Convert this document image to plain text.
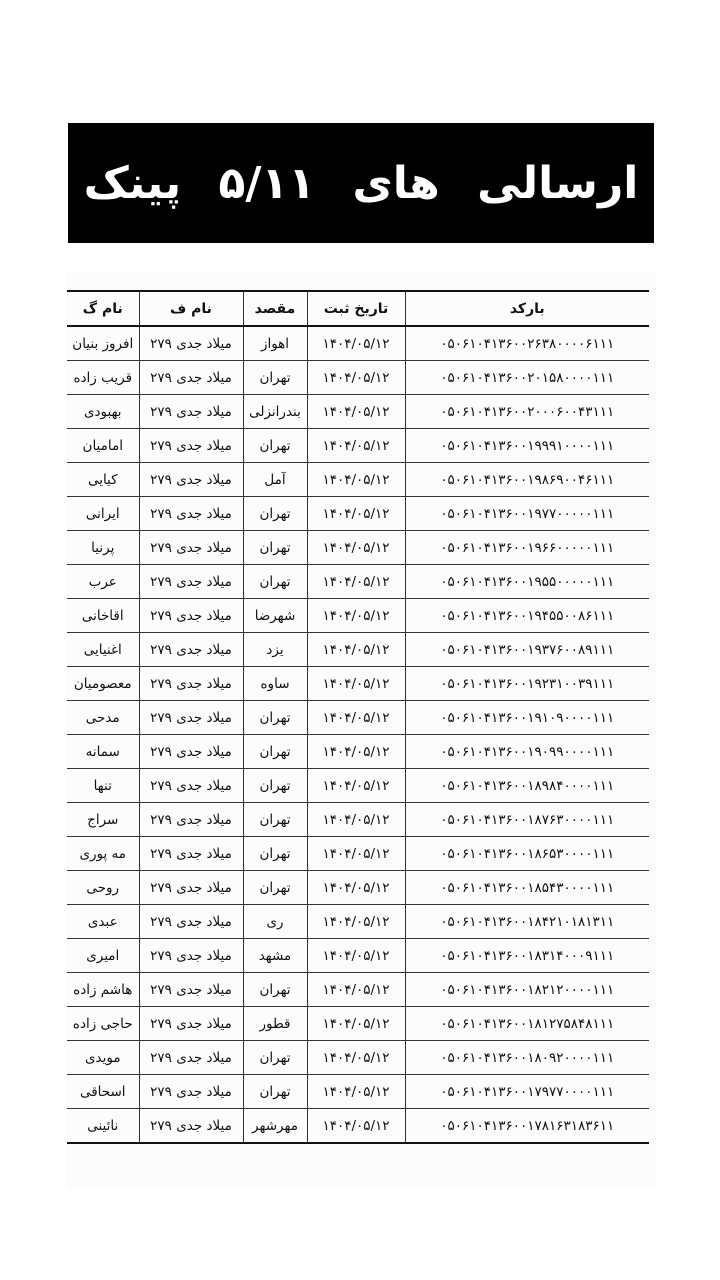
ارسالی های ۵/۱۱ پینک
بارکد	تاریخ ثبت	مقصد	نام ف	نام گ
۰۵۰۶۱۰۴۱۳۶۰۰۲۶۳۸۰۰۰۰۶۱۱۱	۱۴۰۴/۰۵/۱۲	اهواز	میلاد جدی ۲۷۹	افروز بنیان
۰۵۰۶۱۰۴۱۳۶۰۰۲۰۱۵۸۰۰۰۰۱۱۱	۱۴۰۴/۰۵/۱۲	تهران	میلاد جدی ۲۷۹	قریب زاده
۰۵۰۶۱۰۴۱۳۶۰۰۲۰۰۰۶۰۰۴۳۱۱۱	۱۴۰۴/۰۵/۱۲	بندرانزلی	میلاد جدی ۲۷۹	بهبودی
۰۵۰۶۱۰۴۱۳۶۰۰۱۹۹۹۱۰۰۰۰۱۱۱	۱۴۰۴/۰۵/۱۲	تهران	میلاد جدی ۲۷۹	امامیان
۰۵۰۶۱۰۴۱۳۶۰۰۱۹۸۶۹۰۰۴۶۱۱۱	۱۴۰۴/۰۵/۱۲	آمل	میلاد جدی ۲۷۹	کیایی
۰۵۰۶۱۰۴۱۳۶۰۰۱۹۷۷۰۰۰۰۰۱۱۱	۱۴۰۴/۰۵/۱۲	تهران	میلاد جدی ۲۷۹	ایرانی
۰۵۰۶۱۰۴۱۳۶۰۰۱۹۶۶۰۰۰۰۰۱۱۱	۱۴۰۴/۰۵/۱۲	تهران	میلاد جدی ۲۷۹	پرنیا
۰۵۰۶۱۰۴۱۳۶۰۰۱۹۵۵۰۰۰۰۰۱۱۱	۱۴۰۴/۰۵/۱۲	تهران	میلاد جدی ۲۷۹	عرب
۰۵۰۶۱۰۴۱۳۶۰۰۱۹۴۵۵۰۰۸۶۱۱۱	۱۴۰۴/۰۵/۱۲	شهرضا	میلاد جدی ۲۷۹	اقاخانی
۰۵۰۶۱۰۴۱۳۶۰۰۱۹۳۷۶۰۰۸۹۱۱۱	۱۴۰۴/۰۵/۱۲	یزد	میلاد جدی ۲۷۹	اغنیایی
۰۵۰۶۱۰۴۱۳۶۰۰۱۹۲۳۱۰۰۳۹۱۱۱	۱۴۰۴/۰۵/۱۲	ساوه	میلاد جدی ۲۷۹	معصومیان
۰۵۰۶۱۰۴۱۳۶۰۰۱۹۱۰۹۰۰۰۰۱۱۱	۱۴۰۴/۰۵/۱۲	تهران	میلاد جدی ۲۷۹	مدحی
۰۵۰۶۱۰۴۱۳۶۰۰۱۹۰۹۹۰۰۰۰۱۱۱	۱۴۰۴/۰۵/۱۲	تهران	میلاد جدی ۲۷۹	سمانه
۰۵۰۶۱۰۴۱۳۶۰۰۱۸۹۸۴۰۰۰۰۱۱۱	۱۴۰۴/۰۵/۱۲	تهران	میلاد جدی ۲۷۹	تنها
۰۵۰۶۱۰۴۱۳۶۰۰۱۸۷۶۳۰۰۰۰۱۱۱	۱۴۰۴/۰۵/۱۲	تهران	میلاد جدی ۲۷۹	سراج
۰۵۰۶۱۰۴۱۳۶۰۰۱۸۶۵۳۰۰۰۰۱۱۱	۱۴۰۴/۰۵/۱۲	تهران	میلاد جدی ۲۷۹	مه پوری
۰۵۰۶۱۰۴۱۳۶۰۰۱۸۵۴۳۰۰۰۰۱۱۱	۱۴۰۴/۰۵/۱۲	تهران	میلاد جدی ۲۷۹	روحی
۰۵۰۶۱۰۴۱۳۶۰۰۱۸۴۲۱۰۱۸۱۳۱۱	۱۴۰۴/۰۵/۱۲	ری	میلاد جدی ۲۷۹	عبدی
۰۵۰۶۱۰۴۱۳۶۰۰۱۸۳۱۴۰۰۰۹۱۱۱	۱۴۰۴/۰۵/۱۲	مشهد	میلاد جدی ۲۷۹	امیری
۰۵۰۶۱۰۴۱۳۶۰۰۱۸۲۱۲۰۰۰۰۱۱۱	۱۴۰۴/۰۵/۱۲	تهران	میلاد جدی ۲۷۹	هاشم زاده
۰۵۰۶۱۰۴۱۳۶۰۰۱۸۱۲۷۵۸۴۸۱۱۱	۱۴۰۴/۰۵/۱۲	قطور	میلاد جدی ۲۷۹	حاجی زاده
۰۵۰۶۱۰۴۱۳۶۰۰۱۸۰۹۲۰۰۰۰۱۱۱	۱۴۰۴/۰۵/۱۲	تهران	میلاد جدی ۲۷۹	مویدی
۰۵۰۶۱۰۴۱۳۶۰۰۱۷۹۷۷۰۰۰۰۱۱۱	۱۴۰۴/۰۵/۱۲	تهران	میلاد جدی ۲۷۹	اسحاقی
۰۵۰۶۱۰۴۱۳۶۰۰۱۷۸۱۶۳۱۸۳۶۱۱	۱۴۰۴/۰۵/۱۲	مهرشهر	میلاد جدی ۲۷۹	نائینی
